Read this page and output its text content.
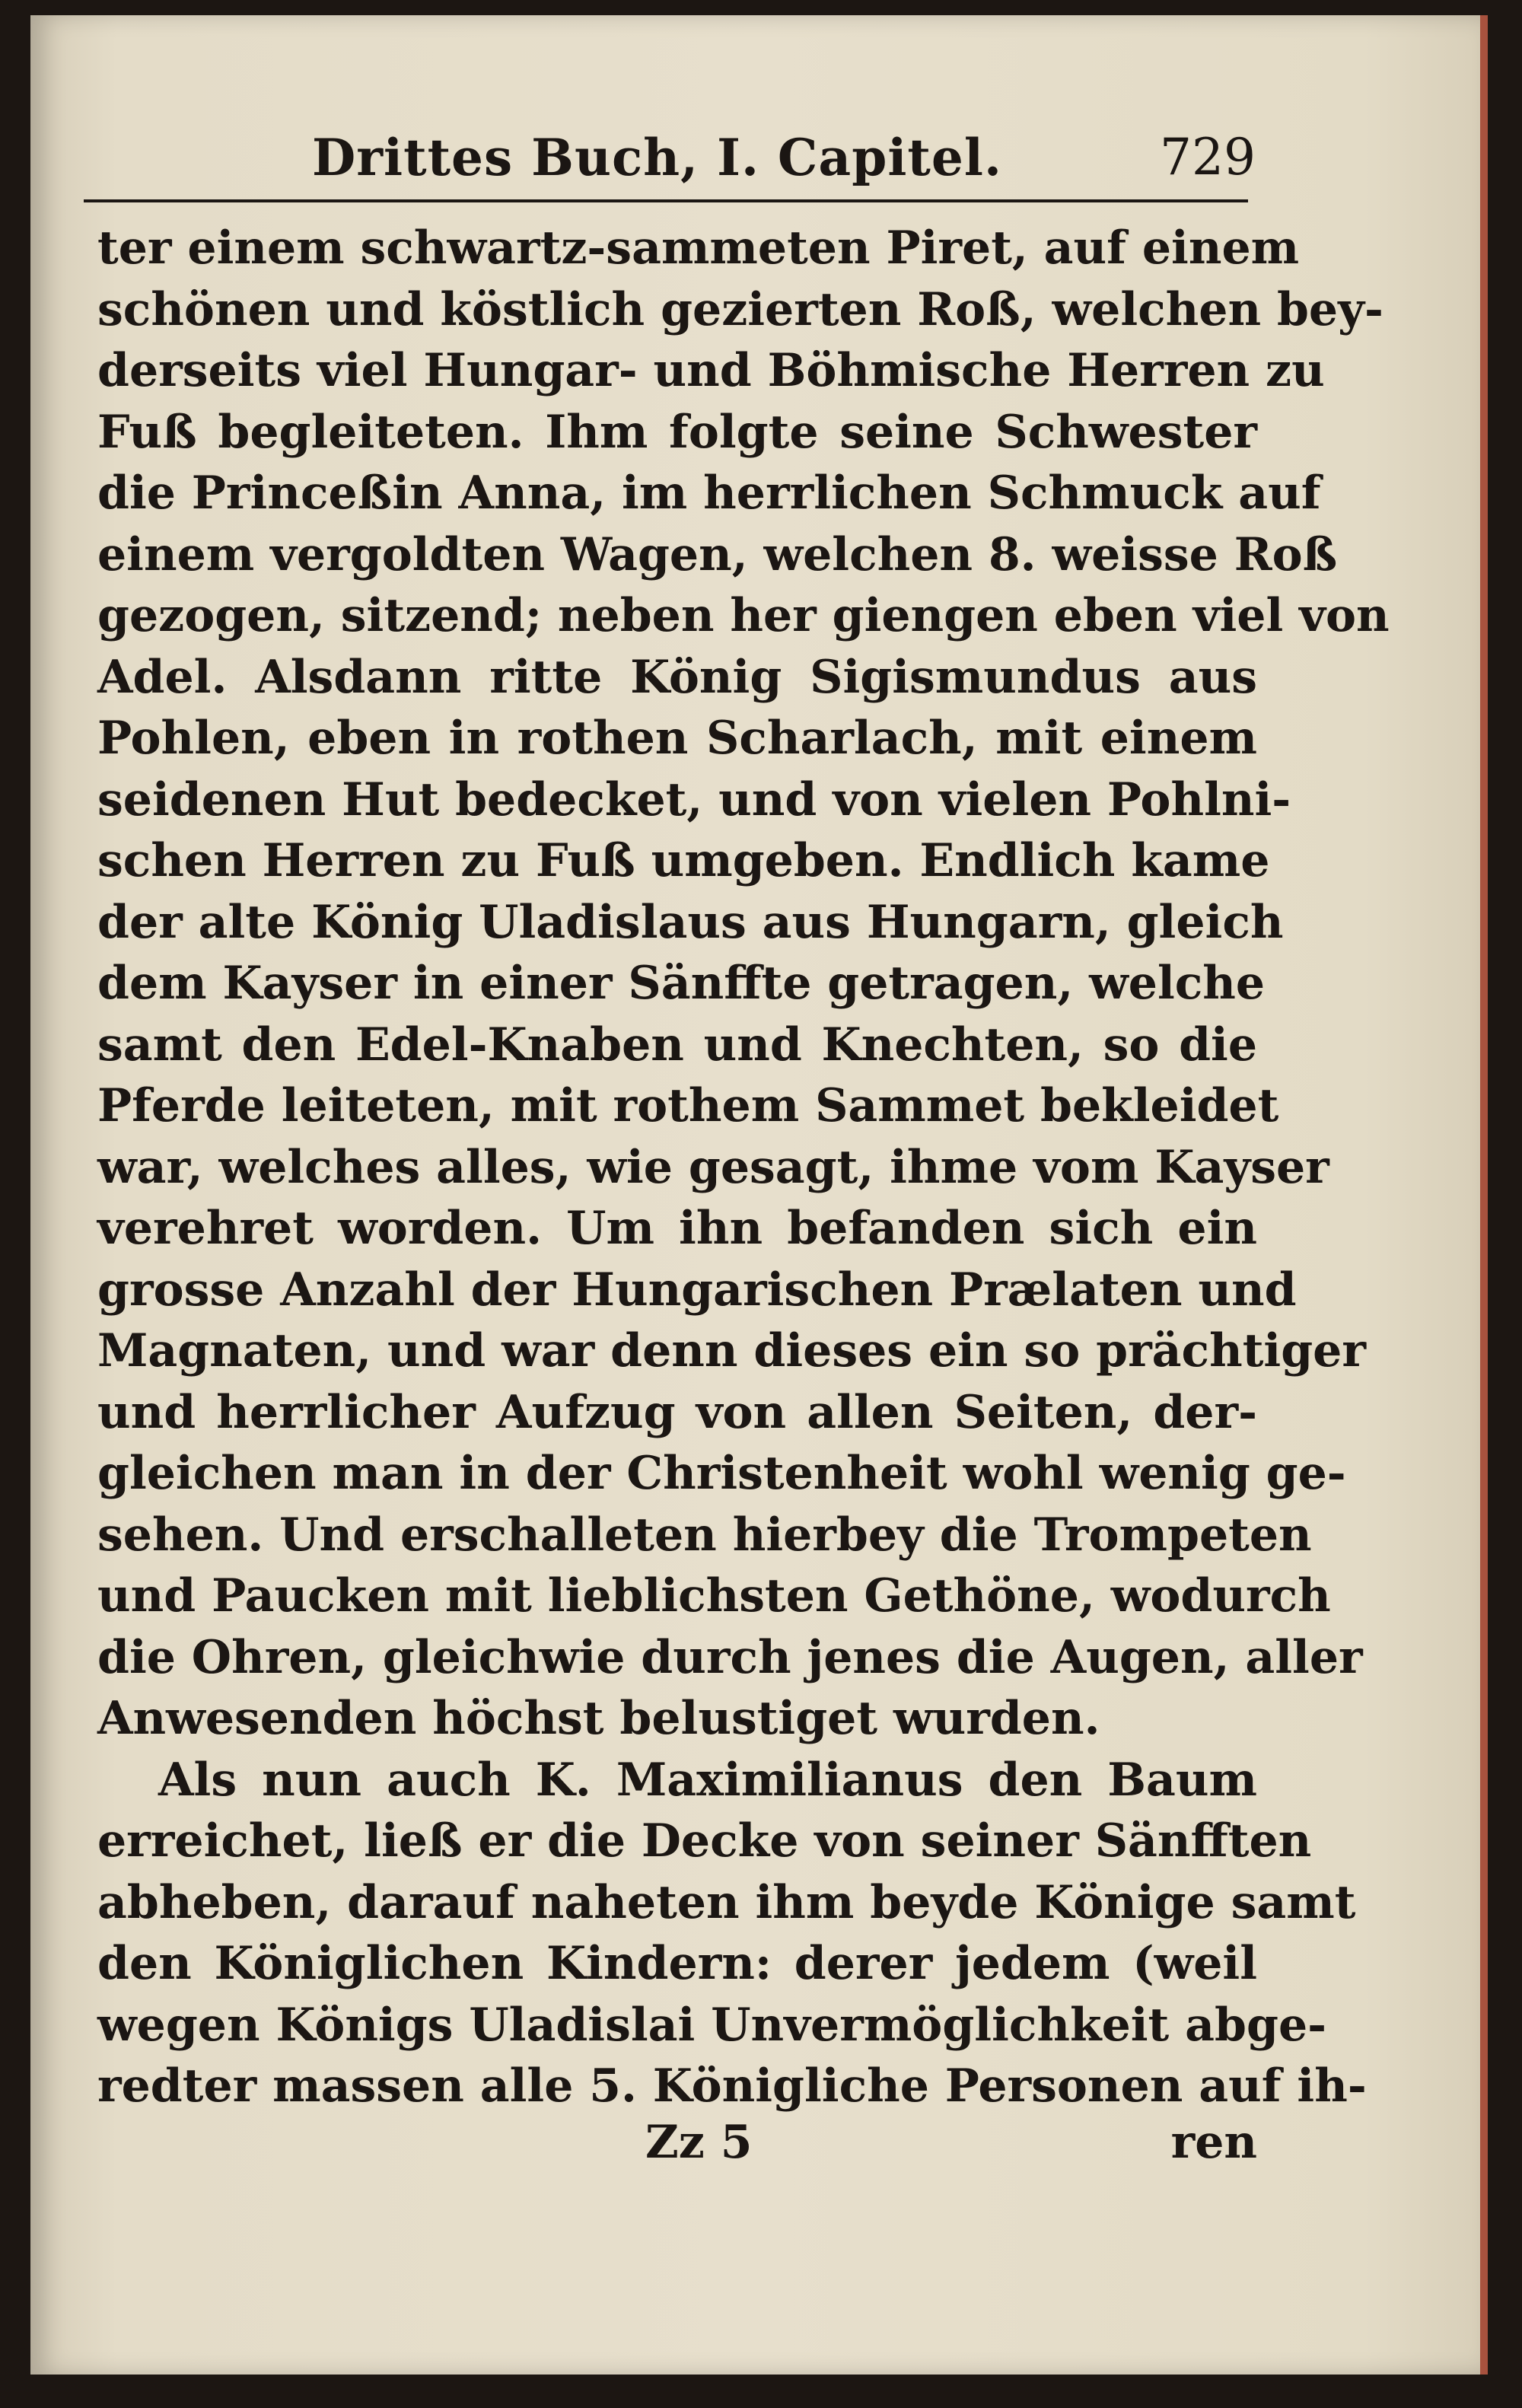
Drittes Buch, I. Capitel.	729
ter einem schwartz-sammeten Piret, auf einem
schönen und köstlich gezierten Roß, welchen bey-
derseits viel Hungar- und Böhmische Herren zu
Fuß begleiteten. Ihm folgte seine Schwester
die Princeßin Anna, im herrlichen Schmuck auf
einem vergoldten Wagen, welchen 8. weisse Roß
gezogen, sitzend; neben her giengen eben viel von
Adel. Alsdann ritte König Sigismundus aus
Pohlen, eben in rothen Scharlach, mit einem
seidenen Hut bedecket, und von vielen Pohlni-
schen Herren zu Fuß umgeben. Endlich kame
der alte König Uladislaus aus Hungarn, gleich
dem Kayser in einer Sänffte getragen, welche
samt den Edel-Knaben und Knechten, so die
Pferde leiteten, mit rothem Sammet bekleidet
war, welches alles, wie gesagt, ihme vom Kayser
verehret worden. Um ihn befanden sich ein
grosse Anzahl der Hungarischen Prælaten und
Magnaten, und war denn dieses ein so prächtiger
und herrlicher Aufzug von allen Seiten, der-
gleichen man in der Christenheit wohl wenig ge-
sehen. Und erschalleten hierbey die Trompeten
und Paucken mit lieblichsten Gethöne, wodurch
die Ohren, gleichwie durch jenes die Augen, aller
Anwesenden höchst belustiget wurden.
Als nun auch K. Maximilianus den Baum
erreichet, ließ er die Decke von seiner Sänfften
abheben, darauf naheten ihm beyde Könige samt
den Königlichen Kindern: derer jedem (weil
wegen Königs Uladislai Unvermöglichkeit abge-
redter massen alle 5. Königliche Personen auf ih-
Zz 5	ren
